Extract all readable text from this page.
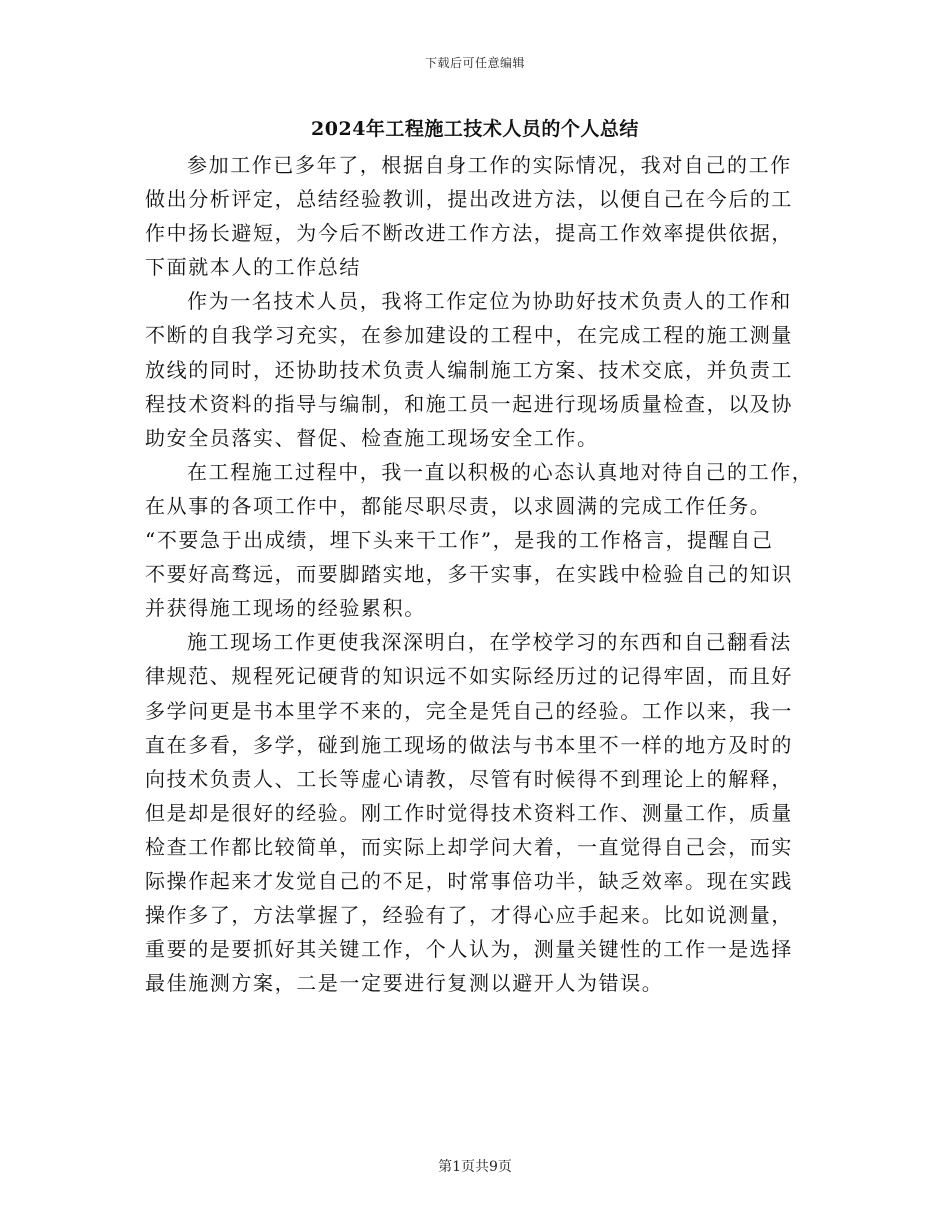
下载后可任意编辑
2024年工程施工技术人员的个人总结
参加工作已多年了，根据自身工作的实际情况，我对自己的工作
做出分析评定，总结经验教训，提出改进方法，以便自己在今后的工
作中扬长避短，为今后不断改进工作方法，提高工作效率提供依据，
下面就本人的工作总结
作为一名技术人员，我将工作定位为协助好技术负责人的工作和
不断的自我学习充实，在参加建设的工程中，在完成工程的施工测量
放线的同时，还协助技术负责人编制施工方案、技术交底，并负责工
程技术资料的指导与编制，和施工员一起进行现场质量检查，以及协
助安全员落实、督促、检查施工现场安全工作。
在工程施工过程中，我一直以积极的心态认真地对待自己的工作，
在从事的各项工作中，都能尽职尽责，以求圆满的完成工作任务。
“不要急于出成绩，埋下头来干工作”，是我的工作格言，提醒自己
不要好高骛远，而要脚踏实地，多干实事，在实践中检验自己的知识
并获得施工现场的经验累积。
施工现场工作更使我深深明白，在学校学习的东西和自己翻看法
律规范、规程死记硬背的知识远不如实际经历过的记得牢固，而且好
多学问更是书本里学不来的，完全是凭自己的经验。工作以来，我一
直在多看，多学，碰到施工现场的做法与书本里不一样的地方及时的
向技术负责人、工长等虚心请教，尽管有时候得不到理论上的解释，
但是却是很好的经验。刚工作时觉得技术资料工作、测量工作，质量
检查工作都比较简单，而实际上却学问大着，一直觉得自己会，而实
际操作起来才发觉自己的不足，时常事倍功半，缺乏效率。现在实践
操作多了，方法掌握了，经验有了，才得心应手起来。比如说测量，
重要的是要抓好其关键工作，个人认为，测量关键性的工作一是选择
最佳施测方案，二是一定要进行复测以避开人为错误。
第1页共9页
